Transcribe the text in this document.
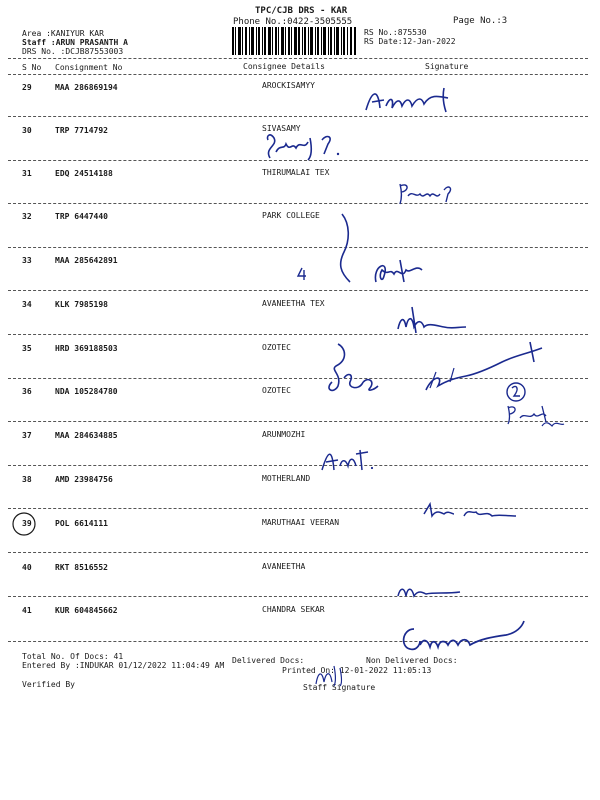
TPC/CJB DRS - KAR
Phone No.:0422-3505555	Page No.:3
Area :KANIYUR KAR
Staff :ARUN PRASANTH A
DRS No. :DCJB87553003
RS No.:875530
RS Date:12-Jan-2022
S No Consignment No	Consignee Details	Signature
29	MAA 286869194	AROCKISAMYY
30	TRP 7714792	SIVASAMY
31	EDQ 24514188	THIRUMALAI TEX
32	TRP 6447440	PARK COLLEGE
33	MAA 285642891
34	KLK 7985198	AVANEETHA TEX
35	HRD 369188503	OZOTEC
36	NDA 105284780	OZOTEC
37	MAA 284634885	ARUNMOZHI
38	AMD 23984756	MOTHERLAND
39	POL 6614111	MARUTHAAI VEERAN
40	RKT 8516552	AVANEETHA
41	KUR 604845662	CHANDRA SEKAR
Total No. Of Docs: 41	Delivered Docs:	Non Delivered Docs:
Entered By :INDUKAR 01/12/2022 11:04:49 AM
Printed On: 12-01-2022 11:05:13
Verified By	Staff Signature
